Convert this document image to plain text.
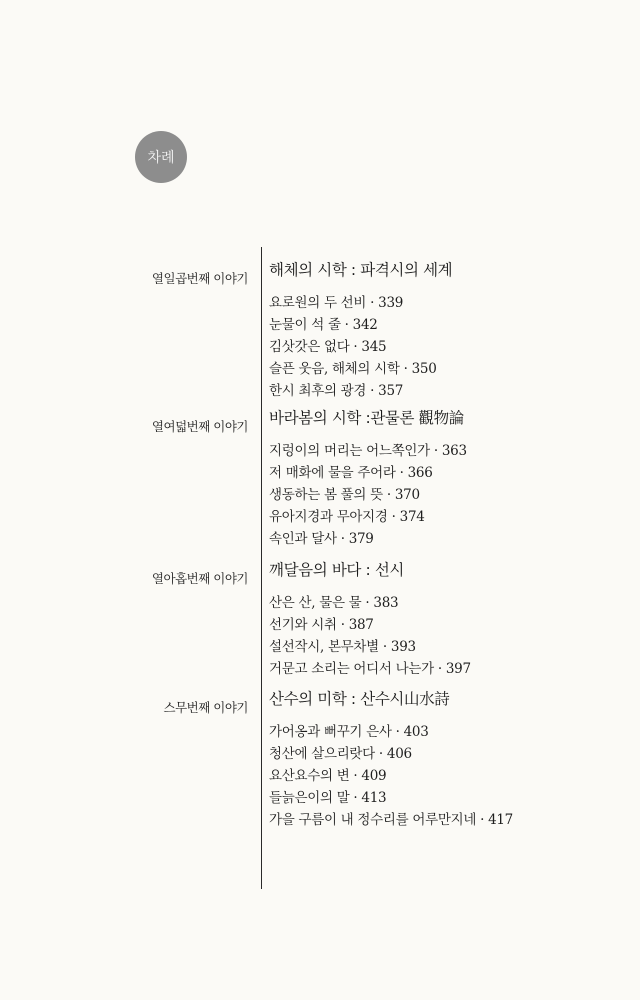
차례
열일곱번째 이야기 해체의 시학 : 파격시의 세계
요로원의 두 선비 · 339
눈물이 석 줄 · 342
김삿갓은 없다 · 345
슬픈 웃음, 해체의 시학 · 350
한시 최후의 광경 · 357
열여덟번째 이야기 바라봄의 시학 :관물론 觀物論
지렁이의 머리는 어느쪽인가 · 363
저 매화에 물을 주어라 · 366
생동하는 봄 풀의 뜻 · 370
유아지경과 무아지경 · 374
속인과 달사 · 379
열아홉번째 이야기 깨달음의 바다 : 선시
산은 산, 물은 물 · 383
선기와 시취 · 387
설선작시, 본무차별 · 393
거문고 소리는 어디서 나는가 · 397
스무번째 이야기 산수의 미학 : 산수시山水詩
가어옹과 뻐꾸기 은사 · 403
청산에 살으리랏다 · 406
요산요수의 변 · 409
들늙은이의 말 · 413
가을 구름이 내 정수리를 어루만지네 · 417
